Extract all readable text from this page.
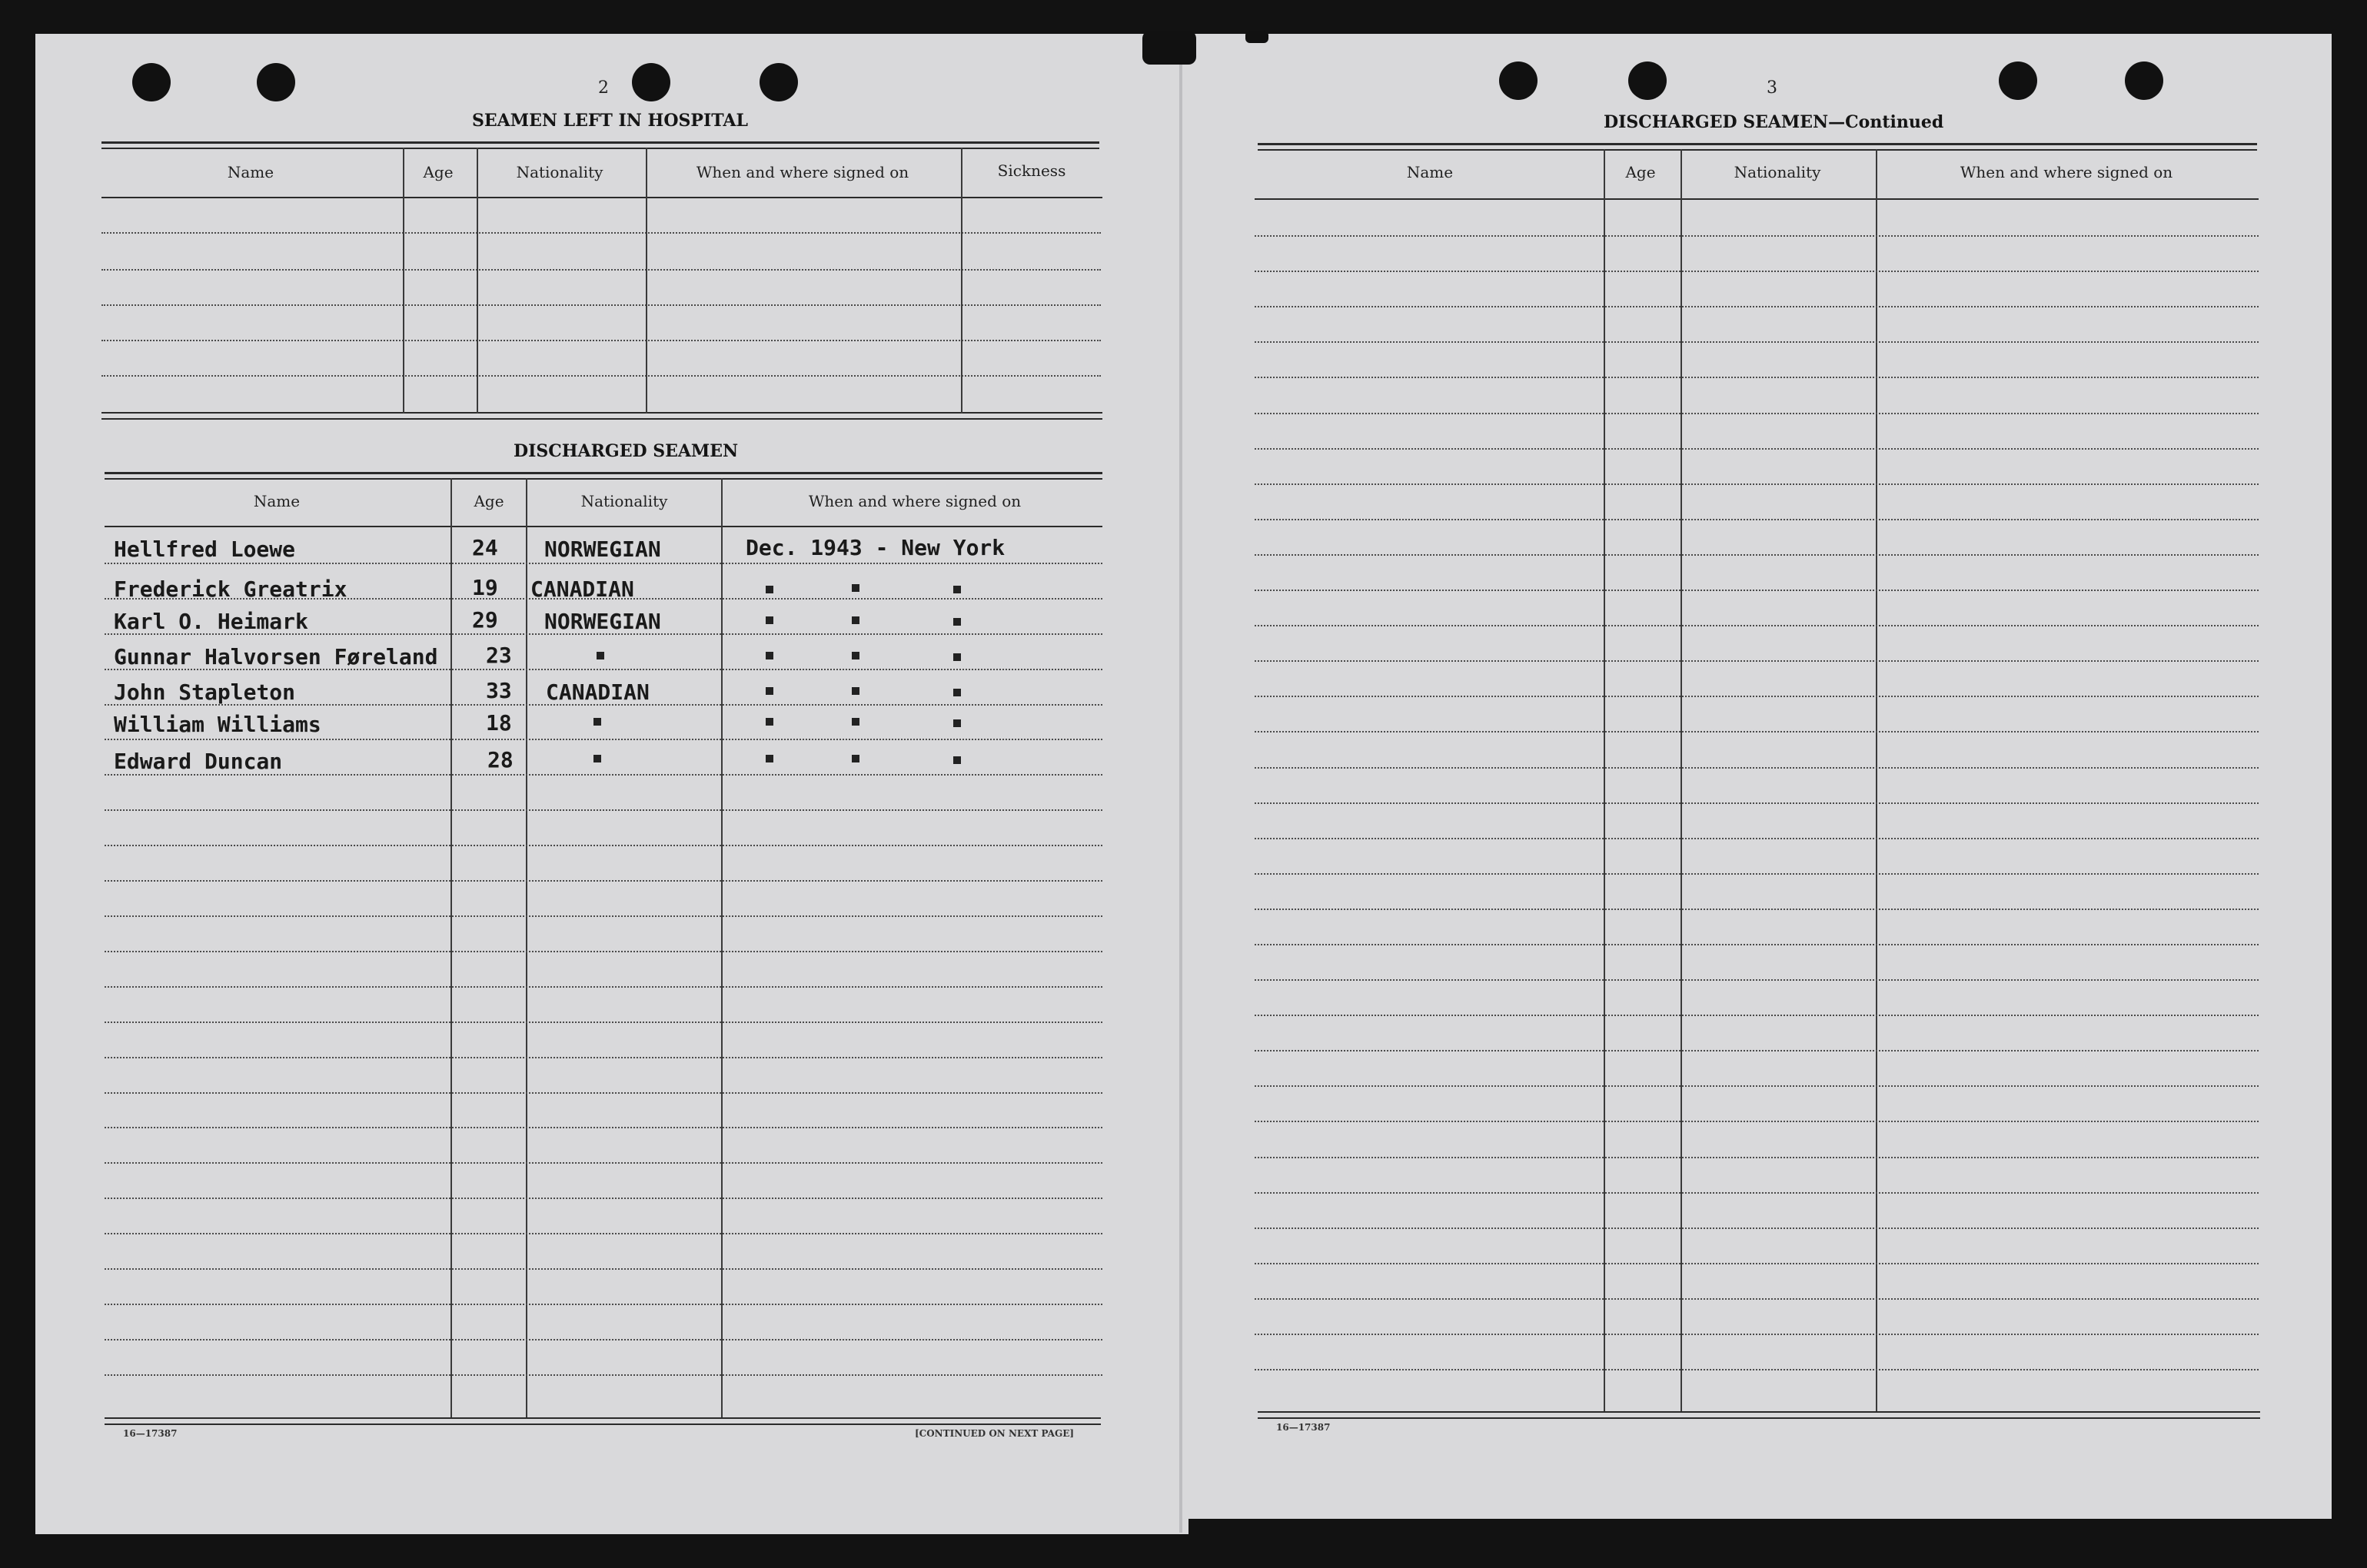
2
SEAMEN LEFT IN HOSPITAL
Name	Age	Nationality	When and where signed on	Sickness
DISCHARGED SEAMEN
Name	Age	Nationality	When and where signed on
Hellfred Loewe	24 NORWEGIAN	Dec. 1943 - New York
Frederick Greatrix	19 CANADIAN
Karl O. Heimark	29 NORWEGIAN
Gunnar Halvorsen Føreland 23
John Stapleton	33 CANADIAN
William Williams	18
Edward Duncan	28
16—17387	[CONTINUED ON NEXT PAGE]
3
DISCHARGED SEAMEN—Continued
Name	Age	Nationality	When and where signed on
16—17387
